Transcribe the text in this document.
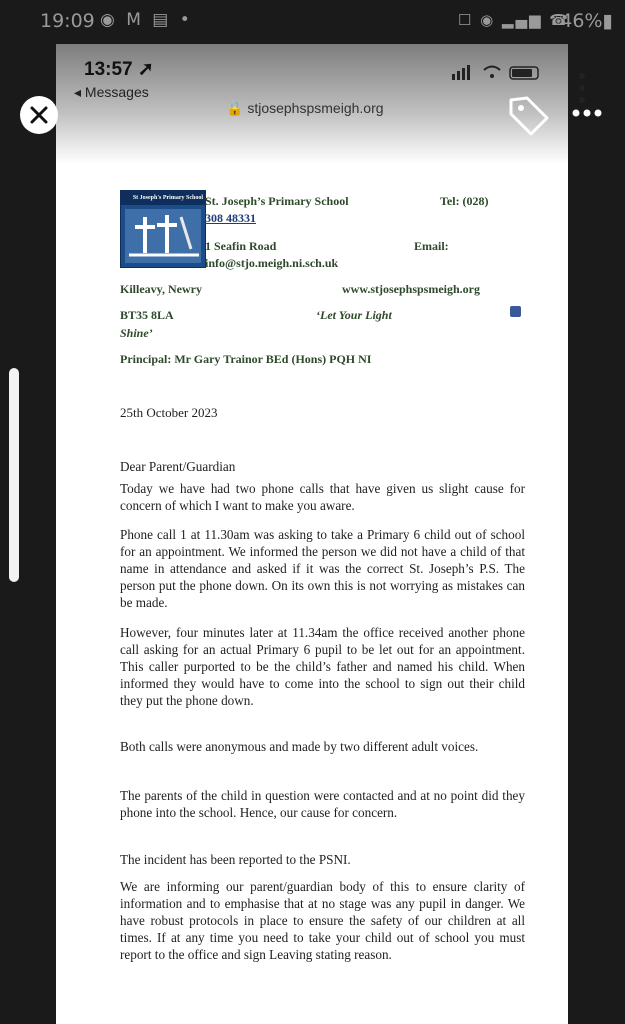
19:09 ◉ M ▤ •	☐ ◉ ▂▄▆ ☎
46%▮
13:57 ➚
◂ Messages
🔒 stjosephspsmeigh.org
St Joseph's Primary School St. Joseph’s Primary School	Tel: (028)
308 48331
1 Seafin Road	Email:
info@stjo.meigh.ni.sch.uk
Killeavy, Newry	www.stjosephspsmeigh.org
BT35 8LA	‘Let Your Light
Shine’
Principal: Mr Gary Trainor BEd (Hons) PQH NI
25th October 2023
Dear Parent/Guardian
Today we have had two phone calls that have given us slight cause for concern of which I want to make you aware.
Phone call 1 at 11.30am was asking to take a Primary 6 child out of school for an appointment. We informed the person we did not have a child of that name in attendance and asked if it was the correct St. Joseph’s P.S. The person put the phone down. On its own this is not worrying as mistakes can be made.
However, four minutes later at 11.34am the office received another phone call asking for an actual Primary 6 pupil to be let out for an appointment. This caller purported to be the child’s father and named his child. When informed they would have to come into the school to sign out their child they put the phone down.
Both calls were anonymous and made by two different adult voices.
The parents of the child in question were contacted and at no point did they phone into the school. Hence, our cause for concern.
The incident has been reported to the PSNI.
We are informing our parent/guardian body of this to ensure clarity of information and to emphasise that at no stage was any pupil in danger. We have robust protocols in place to ensure the safety of our children at all times. If at any time you need to take your child out of school you must report to the office and sign Leaving stating reason.
